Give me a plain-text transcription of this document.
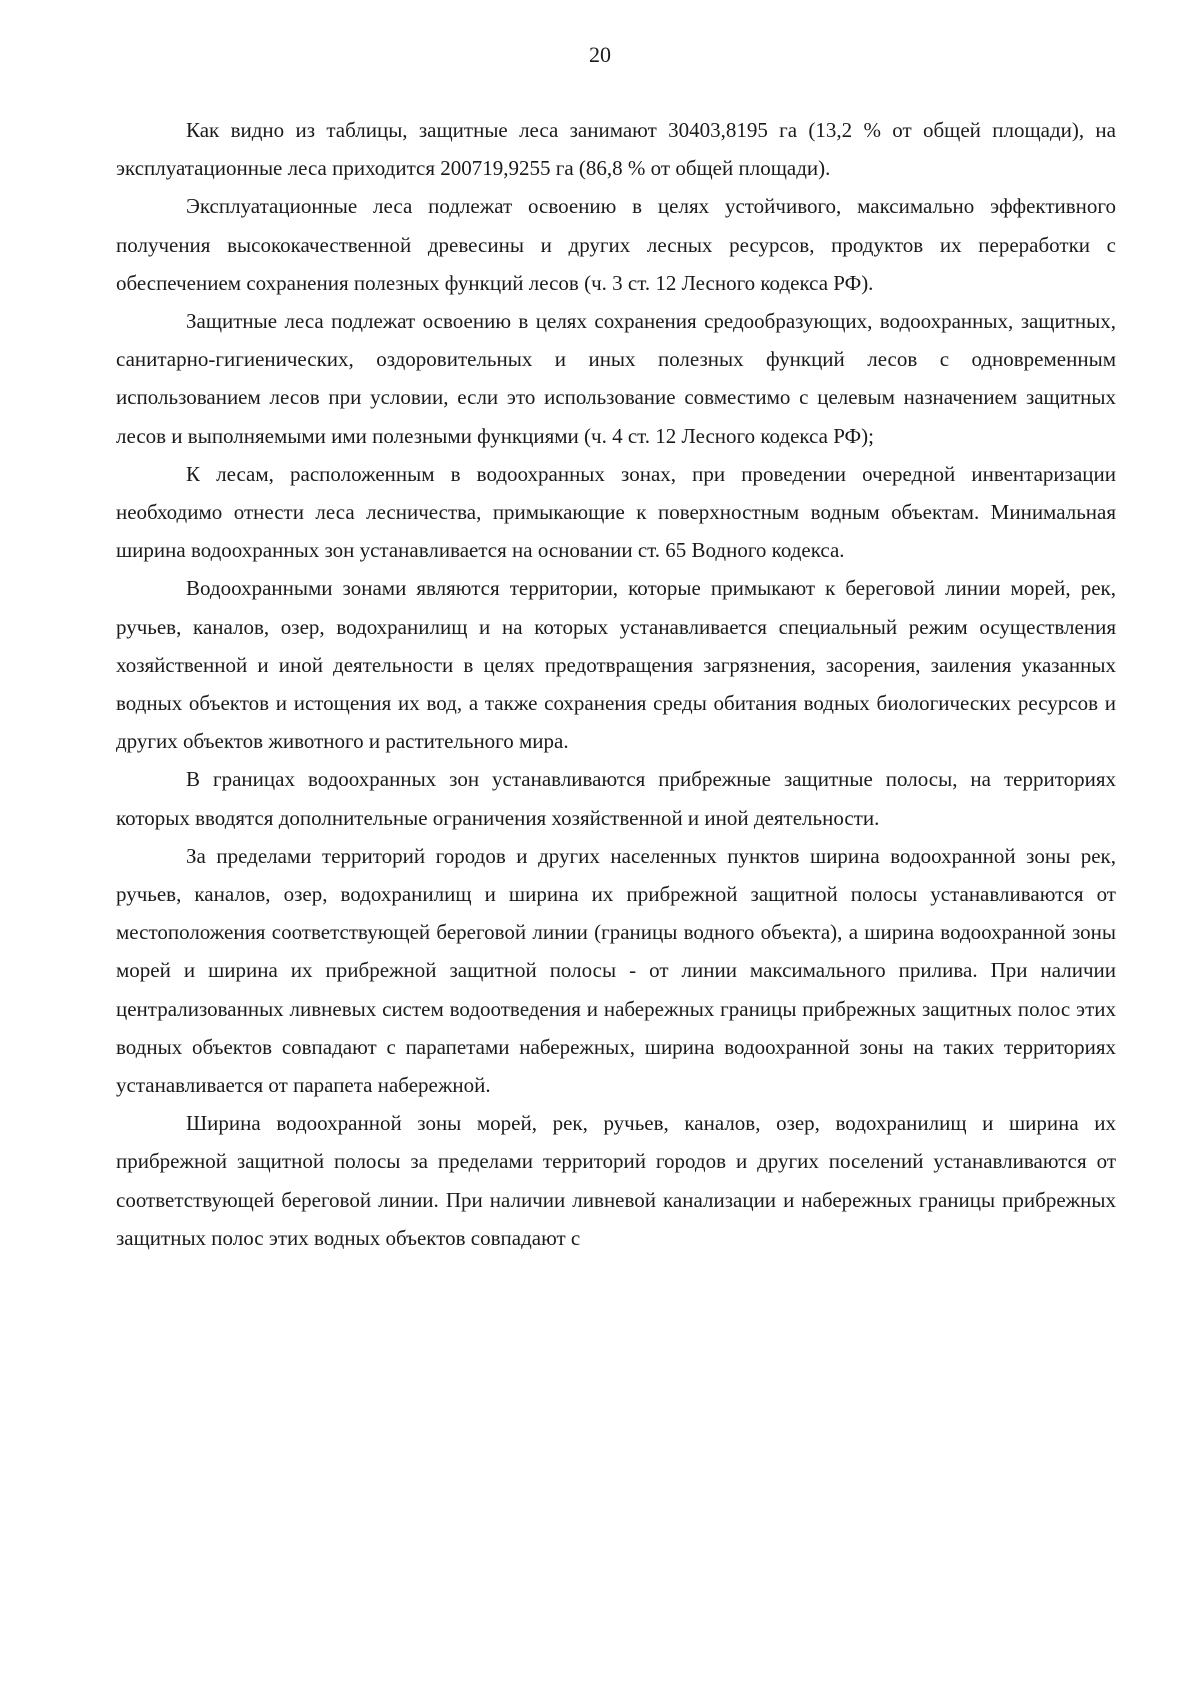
20

Как видно из таблицы, защитные леса занимают 30403,8195 га (13,2 % от общей площади), на эксплуатационные леса приходится 200719,9255 га (86,8 % от общей площади).

Эксплуатационные леса подлежат освоению в целях устойчивого, максимально эффективного получения высококачественной древесины и других лесных ресурсов, продуктов их переработки с обеспечением сохранения полезных функций лесов (ч. 3 ст. 12 Лесного кодекса РФ).

Защитные леса подлежат освоению в целях сохранения средообразующих, водоохранных, защитных, санитарно-гигиенических, оздоровительных и иных полезных функций лесов с одновременным использованием лесов при условии, если это использование совместимо с целевым назначением защитных лесов и выполняемыми ими полезными функциями (ч. 4 ст. 12 Лесного кодекса РФ);

К лесам, расположенным в водоохранных зонах, при проведении очередной инвентаризации необходимо отнести леса лесничества, примыкающие к поверхностным водным объектам. Минимальная ширина водоохранных зон устанавливается на основании ст. 65 Водного кодекса.

Водоохранными зонами являются территории, которые примыкают к береговой линии морей, рек, ручьев, каналов, озер, водохранилищ и на которых устанавливается специальный режим осуществления хозяйственной и иной деятельности в целях предотвращения загрязнения, засорения, заиления указанных водных объектов и истощения их вод, а также сохранения среды обитания водных биологических ресурсов и других объектов животного и растительного мира.

В границах водоохранных зон устанавливаются прибрежные защитные полосы, на территориях которых вводятся дополнительные ограничения хозяйственной и иной деятельности.

За пределами территорий городов и других населенных пунктов ширина водоохранной зоны рек, ручьев, каналов, озер, водохранилищ и ширина их прибрежной защитной полосы устанавливаются от местоположения соответствующей береговой линии (границы водного объекта), а ширина водоохранной зоны морей и ширина их прибрежной защитной полосы - от линии максимального прилива. При наличии централизованных ливневых систем водоотведения и набережных границы прибрежных защитных полос этих водных объектов совпадают с парапетами набережных, ширина водоохранной зоны на таких территориях устанавливается от парапета набережной.

Ширина водоохранной зоны морей, рек, ручьев, каналов, озер, водохранилищ и ширина их прибрежной защитной полосы за пределами территорий городов и других поселений устанавливаются от соответствующей береговой линии. При наличии ливневой канализации и набережных границы прибрежных защитных полос этих водных объектов совпадают с
